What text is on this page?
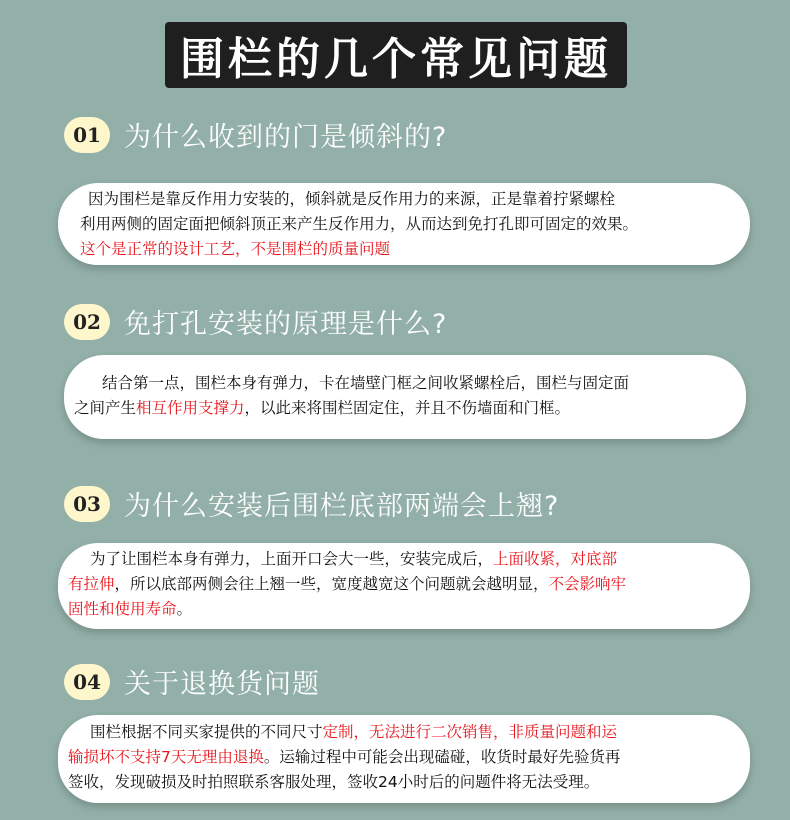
围栏的几个常见问题
01 为什么收到的门是倾斜的?

因为围栏是靠反作用力安装的，倾斜就是反作用力的来源，正是靠着拧紧螺栓

利用两侧的固定面把倾斜顶正来产生反作用力，从而达到免打孔即可固定的效果。

这个是正常的设计工艺，不是围栏的质量问题

02 免打孔安装的原理是什么?

结合第一点，围栏本身有弹力，卡在墙壁门框之间收紧螺栓后，围栏与固定面

之间产生相互作用支撑力，以此来将围栏固定住，并且不伤墙面和门框。

03 为什么安装后围栏底部两端会上翘?

为了让围栏本身有弹力，上面开口会大一些，安装完成后，上面收紧，对底部

有拉伸，所以底部两侧会往上翘一些，宽度越宽这个问题就会越明显，不会影响牢

固性和使用寿命。

04 关于退换货问题

围栏根据不同买家提供的不同尺寸定制，无法进行二次销售，非质量问题和运

输损坏不支持7天无理由退换。运输过程中可能会出现磕碰，收货时最好先验货再

签收，发现破损及时拍照联系客服处理，签收24小时后的问题件将无法受理。
